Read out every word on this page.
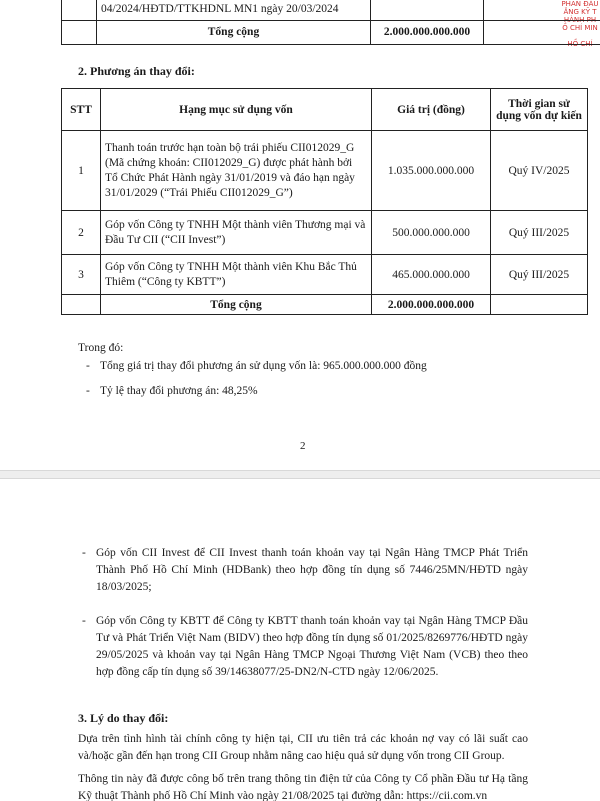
PHAN ĐẦU
ĂNG KỸ T
HÀNH PH
Ồ CHÍ MIN
HỒ CHÍ
	04/2024/HĐTD/TTKHDNL MN1 ngày 20/03/2024		
	Tổng cộng	2.000.000.000.000	
2. Phương án thay đổi:
STT	Hạng mục sử dụng vốn	Giá trị (đồng)	Thời gian sử dụng vốn dự kiến
1	Thanh toán trước hạn toàn bộ trái phiếu CII012029_G (Mã chứng khoán: CII012029_G) được phát hành bởi Tổ Chức Phát Hành ngày 31/01/2019 và đáo hạn ngày 31/01/2029 (“Trái Phiếu CII012029_G”)	1.035.000.000.000	Quý IV/2025
2	Góp vốn Công ty TNHH Một thành viên Thương mại và Đầu Tư CII (“CII Invest”)	500.000.000.000	Quý III/2025
3	Góp vốn Công ty TNHH Một thành viên Khu Bắc Thủ Thiêm (“Công ty KBTT”)	465.000.000.000	Quý III/2025
	Tổng cộng	2.000.000.000.000	
Trong đó:
- Tổng giá trị thay đổi phương án sử dụng vốn là: 965.000.000.000 đồng
- Tỷ lệ thay đổi phương án: 48,25%
2
- Góp vốn CII Invest để CII Invest thanh toán khoản vay tại Ngân Hàng TMCP Phát Triển Thành Phố Hồ Chí Minh (HDBank) theo hợp đồng tín dụng số 7446/25MN/HĐTD ngày 18/03/2025;
- Góp vốn Công ty KBTT để Công ty KBTT thanh toán khoản vay tại Ngân Hàng TMCP Đầu Tư và Phát Triển Việt Nam (BIDV) theo hợp đồng tín dụng số 01/2025/8269776/HĐTD ngày 29/05/2025 và khoản vay tại Ngân Hàng TMCP Ngoại Thương Việt Nam (VCB) theo theo hợp đồng cấp tín dụng số 39/14638077/25-DN2/N-CTD ngày 12/06/2025.
3. Lý do thay đổi:
Dựa trên tình hình tài chính công ty hiện tại, CII ưu tiên trả các khoản nợ vay có lãi suất cao và/hoặc gần đến hạn trong CII Group nhằm nâng cao hiệu quả sử dụng vốn trong CII Group.
Thông tin này đã được công bố trên trang thông tin điện tử của Công ty Cổ phần Đầu tư Hạ tầng Kỹ thuật Thành phố Hồ Chí Minh vào ngày 21/08/2025 tại đường dẫn: https://cii.com.vn
